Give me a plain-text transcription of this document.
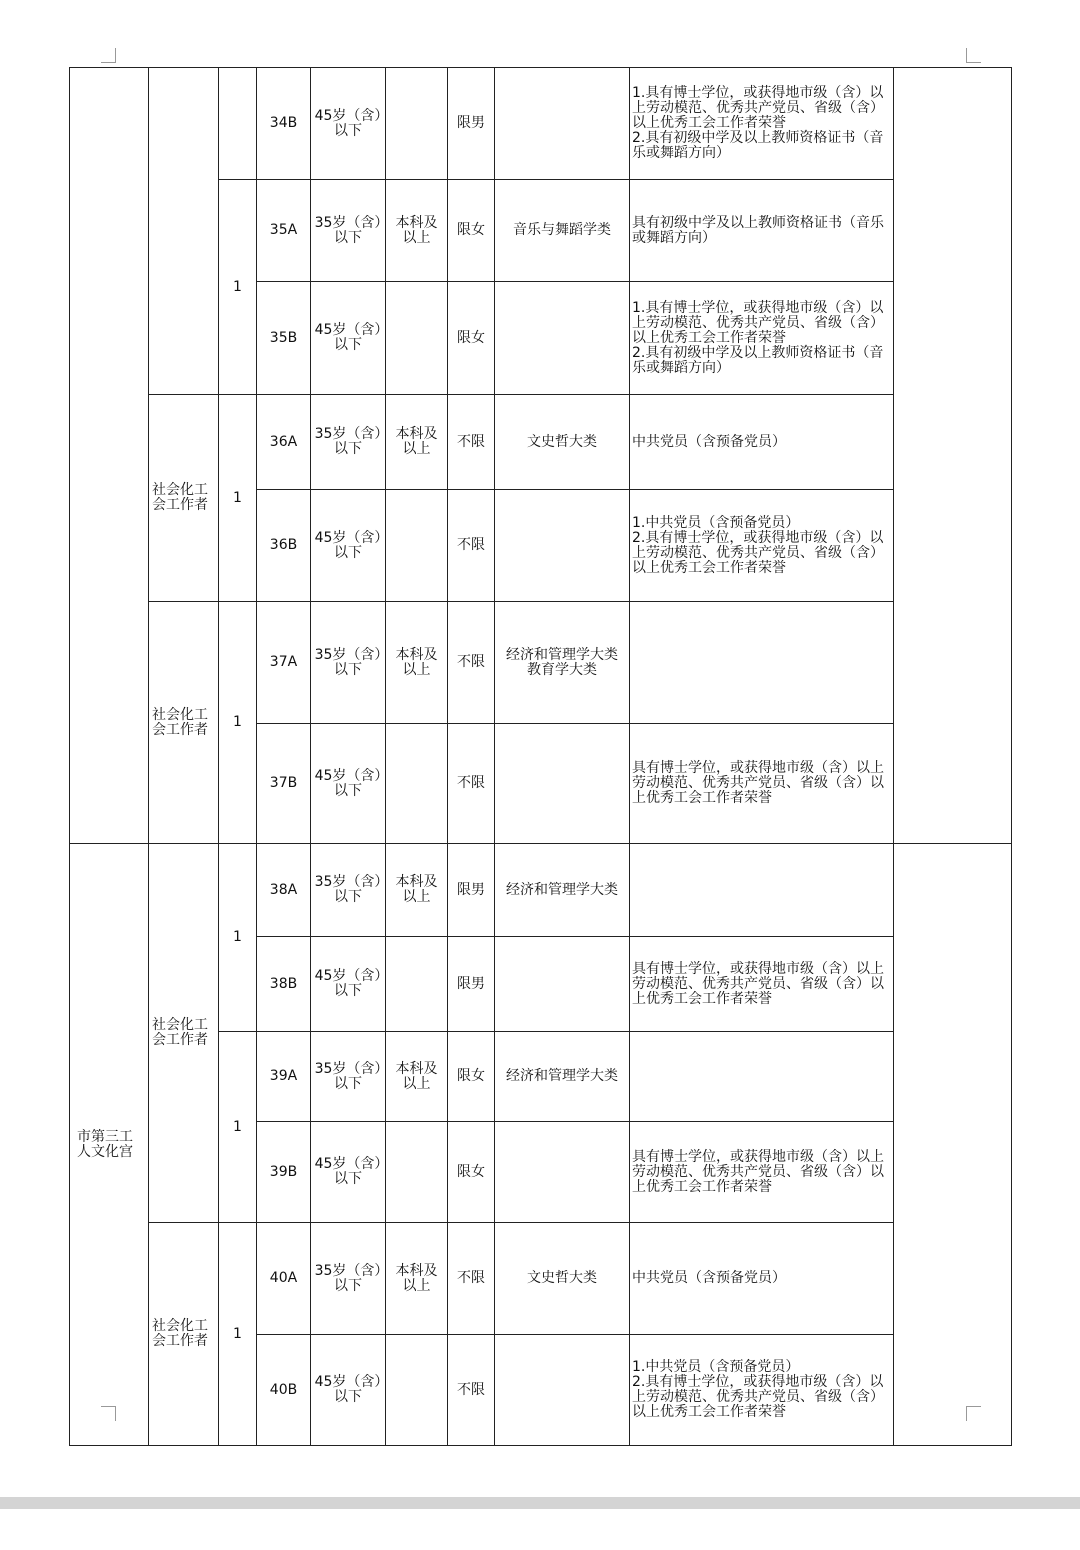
			34B	45岁（含）以下		限男		1.具有博士学位，或获得地市级（含）以上劳动模范、优秀共产党员、省级（含）以上优秀工会工作者荣誉
2.具有初级中学及以上教师资格证书（音乐或舞蹈方向）	
		1	35A	35岁（含）以下	本科及以上	限女	音乐与舞蹈学类	具有初级中学及以上教师资格证书（音乐或舞蹈方向）	
			35B	45岁（含）以下		限女		1.具有博士学位，或获得地市级（含）以上劳动模范、优秀共产党员、省级（含）以上优秀工会工作者荣誉
2.具有初级中学及以上教师资格证书（音乐或舞蹈方向）	
	社会化工会工作者	1	36A	35岁（含）以下	本科及以上	不限	文史哲大类	中共党员（含预备党员）	
			36B	45岁（含）以下		不限		1.中共党员（含预备党员）
2.具有博士学位，或获得地市级（含）以上劳动模范、优秀共产党员、省级（含）以上优秀工会工作者荣誉	
	社会化工会工作者	1	37A	35岁（含）以下	本科及以上	不限	经济和管理学大类
教育学大类		
			37B	45岁（含）以下		不限		具有博士学位，或获得地市级（含）以上劳动模范、优秀共产党员、省级（含）以上优秀工会工作者荣誉	
市第三工人文化宫	社会化工会工作者	1	38A	35岁（含）以下	本科及以上	限男	经济和管理学大类		
			38B	45岁（含）以下		限男		具有博士学位，或获得地市级（含）以上劳动模范、优秀共产党员、省级（含）以上优秀工会工作者荣誉	
		1	39A	35岁（含）以下	本科及以上	限女	经济和管理学大类		
			39B	45岁（含）以下		限女		具有博士学位，或获得地市级（含）以上劳动模范、优秀共产党员、省级（含）以上优秀工会工作者荣誉	
	社会化工会工作者	1	40A	35岁（含）以下	本科及以上	不限	文史哲大类	中共党员（含预备党员）	
			40B	45岁（含）以下		不限		1.中共党员（含预备党员）
2.具有博士学位，或获得地市级（含）以上劳动模范、优秀共产党员、省级（含）以上优秀工会工作者荣誉	
